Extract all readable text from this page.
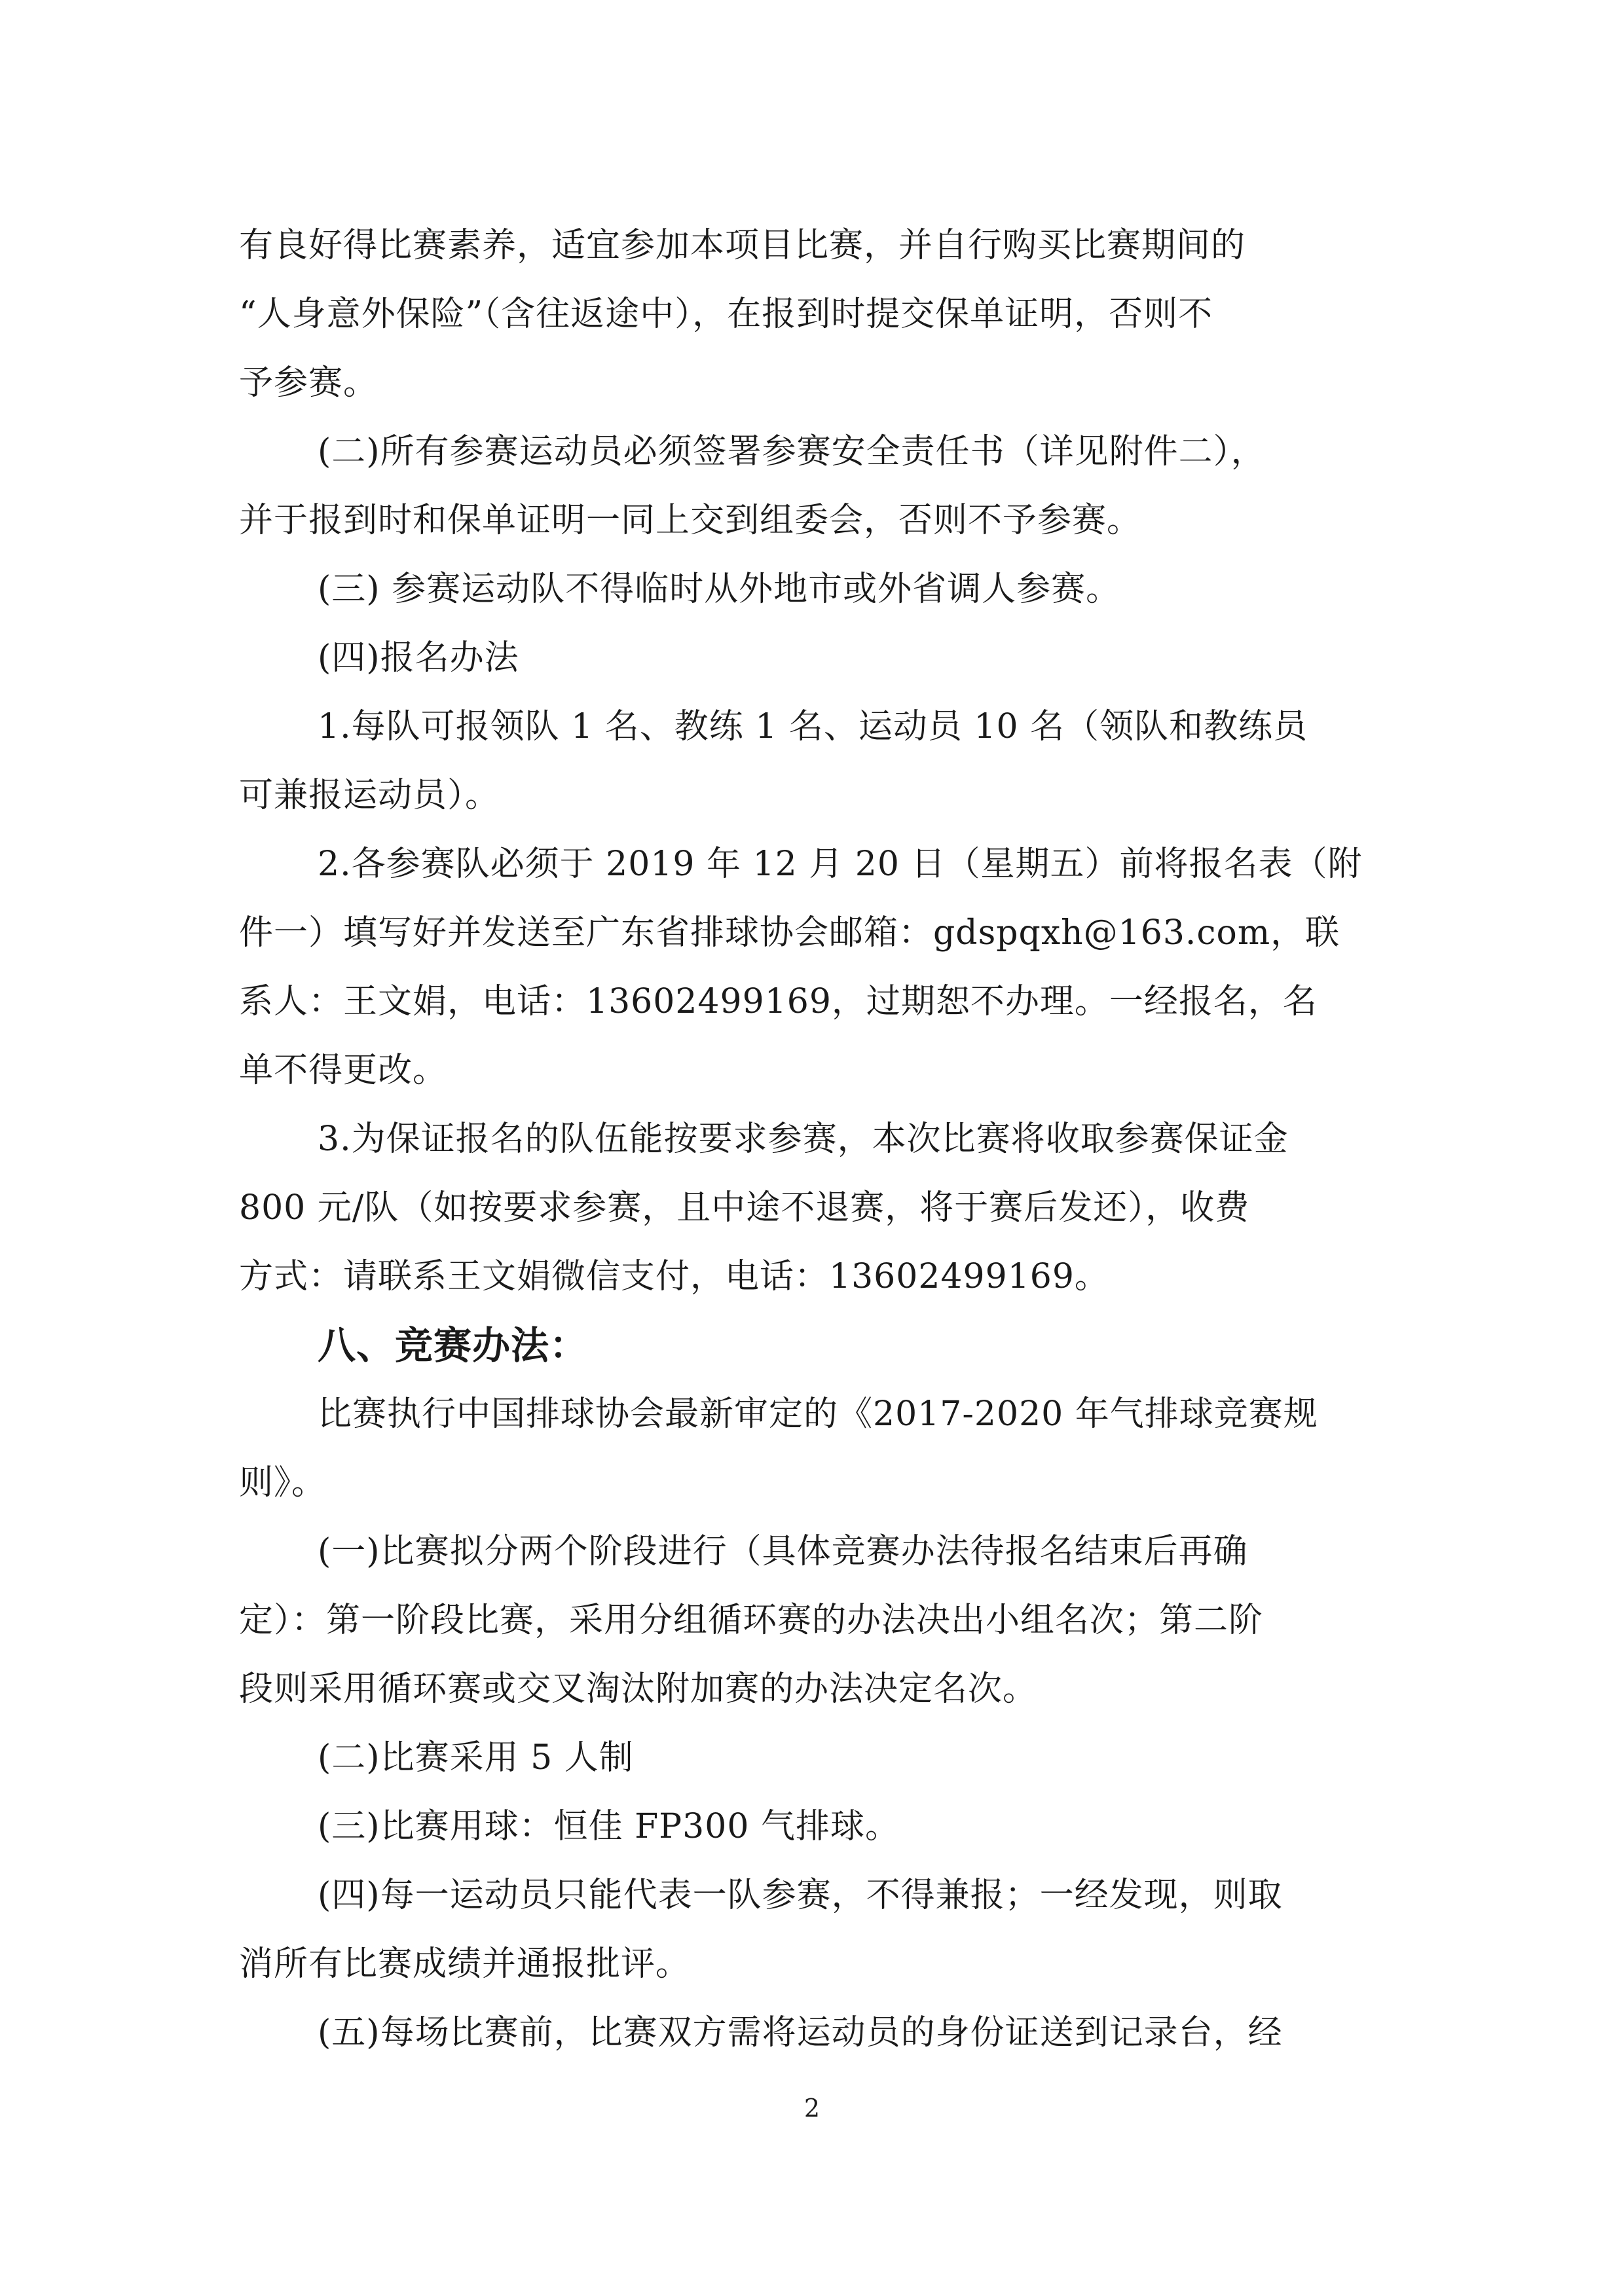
有良好得比赛素养，适宜参加本项目比赛，并自行购买比赛期间的
“人身意外保险”（含往返途中），在报到时提交保单证明，否则不
予参赛。
(二)所有参赛运动员必须签署参赛安全责任书（详见附件二），
并于报到时和保单证明一同上交到组委会，否则不予参赛。
(三) 参赛运动队不得临时从外地市或外省调人参赛。
(四)报名办法
1.每队可报领队 1 名、教练 1 名、运动员 10 名（领队和教练员
可兼报运动员）。
2.各参赛队必须于 2019 年 12 月 20 日（星期五）前将报名表（附
件一）填写好并发送至广东省排球协会邮箱：gdspqxh@163.com，联
系人：王文娟，电话：13602499169，过期恕不办理。一经报名，名
单不得更改。
3.为保证报名的队伍能按要求参赛，本次比赛将收取参赛保证金
800 元/队（如按要求参赛，且中途不退赛，将于赛后发还），收费
方式：请联系王文娟微信支付，电话：13602499169。
八、竞赛办法：
比赛执行中国排球协会最新审定的《2017-2020 年气排球竞赛规
则》。
(一)比赛拟分两个阶段进行（具体竞赛办法待报名结束后再确
定）：第一阶段比赛，采用分组循环赛的办法决出小组名次；第二阶
段则采用循环赛或交叉淘汰附加赛的办法决定名次。
(二)比赛采用 5 人制
(三)比赛用球：恒佳 FP300 气排球。
(四)每一运动员只能代表一队参赛，不得兼报；一经发现，则取
消所有比赛成绩并通报批评。
(五)每场比赛前，比赛双方需将运动员的身份证送到记录台，经
2
